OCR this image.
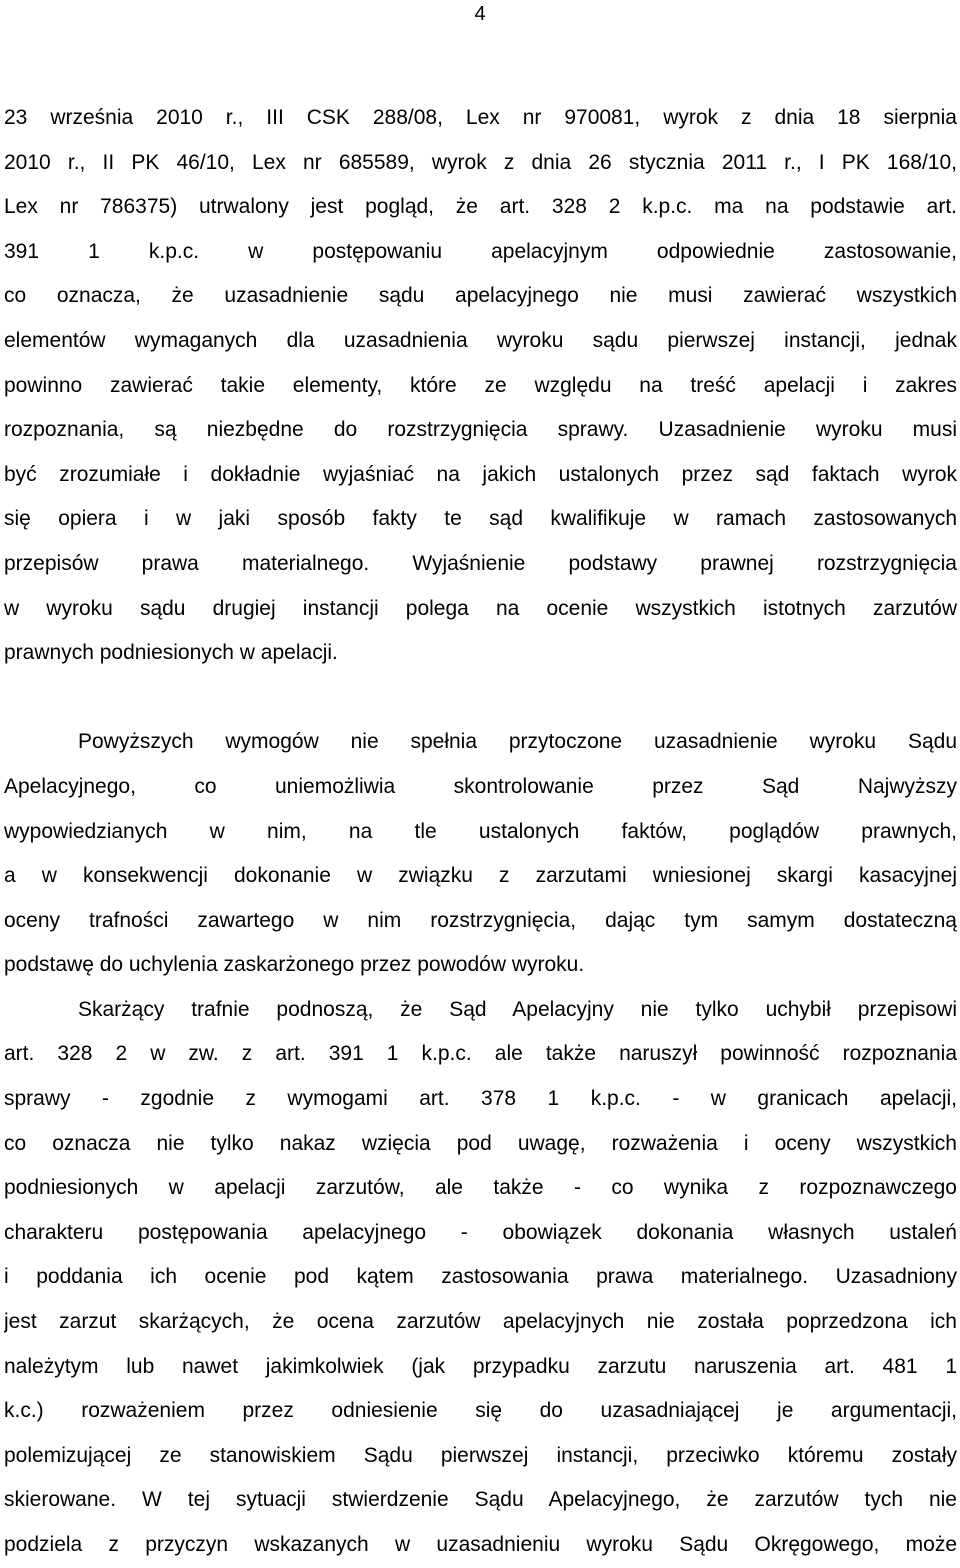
4
23 września 2010 r., III CSK 288/08, Lex nr 970081, wyrok z dnia 18 sierpnia
2010 r., II PK 46/10, Lex nr 685589, wyrok z dnia 26 stycznia 2011 r., I PK 168/10,
Lex nr 786375) utrwalony jest pogląd, że art. 328 2 k.p.c. ma na podstawie art.
391 1 k.p.c. w postępowaniu apelacyjnym odpowiednie zastosowanie,
co oznacza, że uzasadnienie sądu apelacyjnego nie musi zawierać wszystkich
elementów wymaganych dla uzasadnienia wyroku sądu pierwszej instancji, jednak
powinno zawierać takie elementy, które ze względu na treść apelacji i zakres
rozpoznania, są niezbędne do rozstrzygnięcia sprawy. Uzasadnienie wyroku musi
być zrozumiałe i dokładnie wyjaśniać na jakich ustalonych przez sąd faktach wyrok
się opiera i w jaki sposób fakty te sąd kwalifikuje w ramach zastosowanych
przepisów prawa materialnego. Wyjaśnienie podstawy prawnej rozstrzygnięcia
w wyroku sądu drugiej instancji polega na ocenie wszystkich istotnych zarzutów
prawnych podniesionych w apelacji.
Powyższych wymogów nie spełnia przytoczone uzasadnienie wyroku Sądu
Apelacyjnego, co uniemożliwia skontrolowanie przez Sąd Najwyższy
wypowiedzianych w nim, na tle ustalonych faktów, poglądów prawnych,
a w konsekwencji dokonanie w związku z zarzutami wniesionej skargi kasacyjnej
oceny trafności zawartego w nim rozstrzygnięcia, dając tym samym dostateczną
podstawę do uchylenia zaskarżonego przez powodów wyroku.
Skarżący trafnie podnoszą, że Sąd Apelacyjny nie tylko uchybił przepisowi
art. 328 2 w zw. z art. 391 1 k.p.c. ale także naruszył powinność rozpoznania
sprawy - zgodnie z wymogami art. 378 1 k.p.c. - w granicach apelacji,
co oznacza nie tylko nakaz wzięcia pod uwagę, rozważenia i oceny wszystkich
podniesionych w apelacji zarzutów, ale także - co wynika z rozpoznawczego
charakteru postępowania apelacyjnego - obowiązek dokonania własnych ustaleń
i poddania ich ocenie pod kątem zastosowania prawa materialnego. Uzasadniony
jest zarzut skarżących, że ocena zarzutów apelacyjnych nie została poprzedzona ich
należytym lub nawet jakimkolwiek (jak przypadku zarzutu naruszenia art. 481 1
k.c.) rozważeniem przez odniesienie się do uzasadniającej je argumentacji,
polemizującej ze stanowiskiem Sądu pierwszej instancji, przeciwko któremu zostały
skierowane. W tej sytuacji stwierdzenie Sądu Apelacyjnego, że zarzutów tych nie
podziela z przyczyn wskazanych w uzasadnieniu wyroku Sądu Okręgowego, może
